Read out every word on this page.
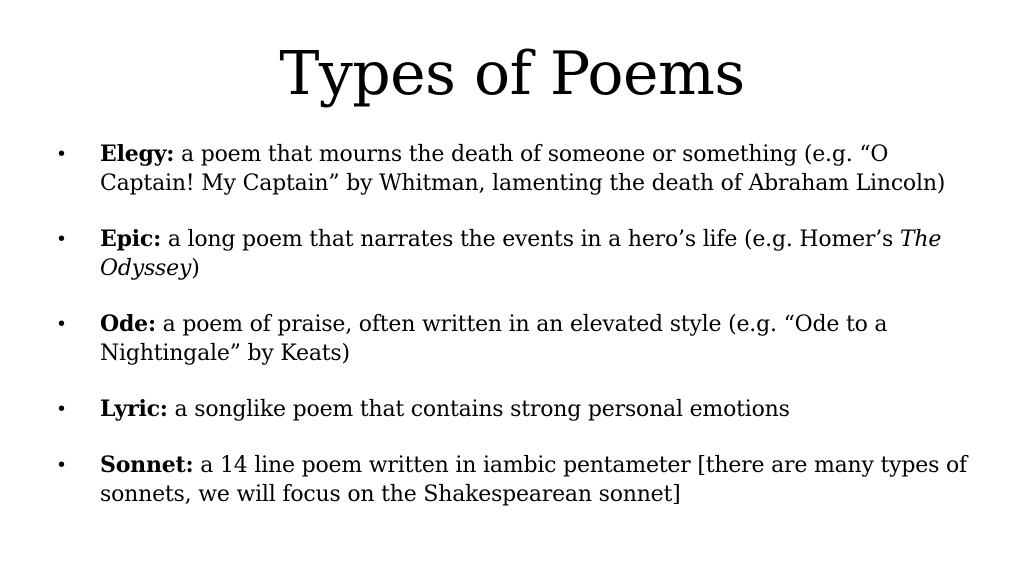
Types of Poems
• Elegy: a poem that mourns the death of someone or something (e.g. “O Captain! My Captain” by Whitman, lamenting the death of Abraham Lincoln)
• Epic: a long poem that narrates the events in a hero’s life (e.g. Homer’s The Odyssey)
• Ode: a poem of praise, often written in an elevated style (e.g. “Ode to a Nightingale” by Keats)
• Lyric: a songlike poem that contains strong personal emotions
• Sonnet: a 14 line poem written in iambic pentameter [there are many types of sonnets, we will focus on the Shakespearean sonnet]
